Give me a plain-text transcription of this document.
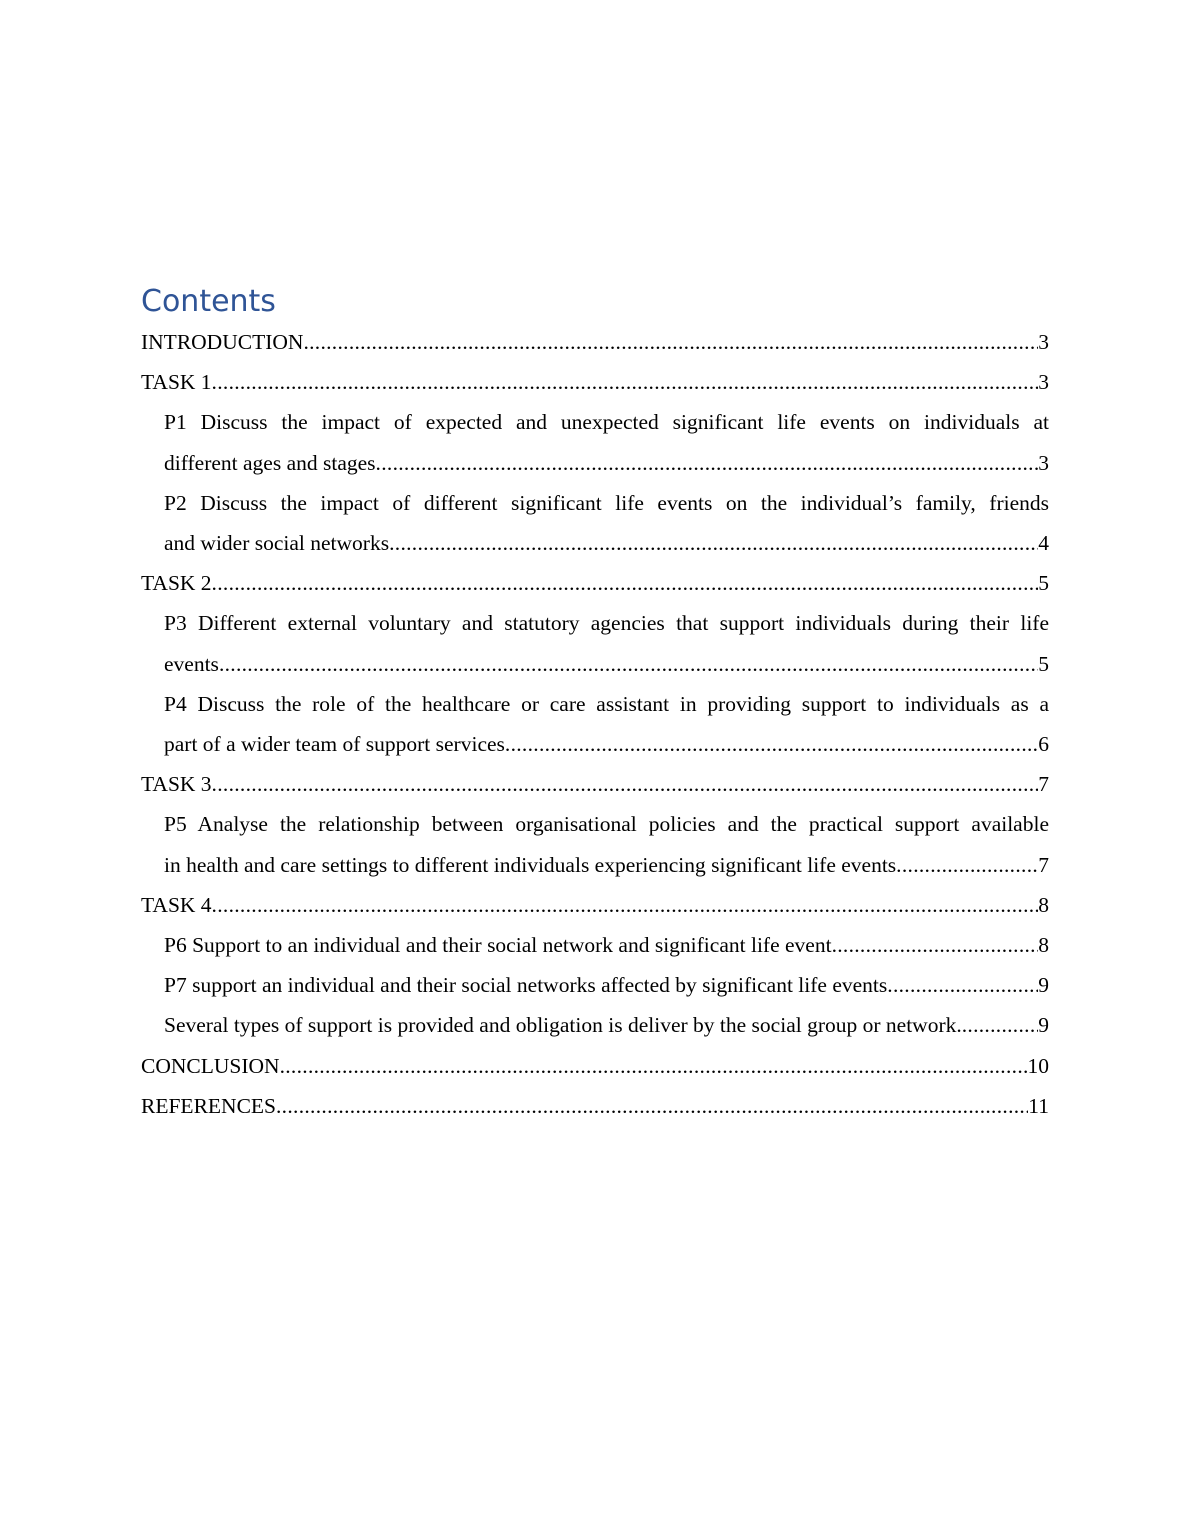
Contents
INTRODUCTION .....	3
TASK 1 .....	3
P1 Discuss the impact of expected and unexpected significant life events on individuals at
different ages and stages .....	3
P2 Discuss the impact of different significant life events on the individual’s family, friends
and wider social networks .....	4
TASK 2 .....	5
P3 Different external voluntary and statutory agencies that support individuals during their life
events .....	5
P4 Discuss the role of the healthcare or care assistant in providing support to individuals as a
part of a wider team of support services .....	6
TASK 3 .....	7
P5 Analyse the relationship between organisational policies and the practical support available
in health and care settings to different individuals experiencing significant life events .....	7
TASK 4 .....	8
P6 Support to an individual and their social network and significant life event .....	8
P7 support an individual and their social networks affected by significant life events .....	9
Several types of support is provided and obligation is deliver by the social group or network. .....	9
CONCLUSION .....	10
REFERENCES .....	11
